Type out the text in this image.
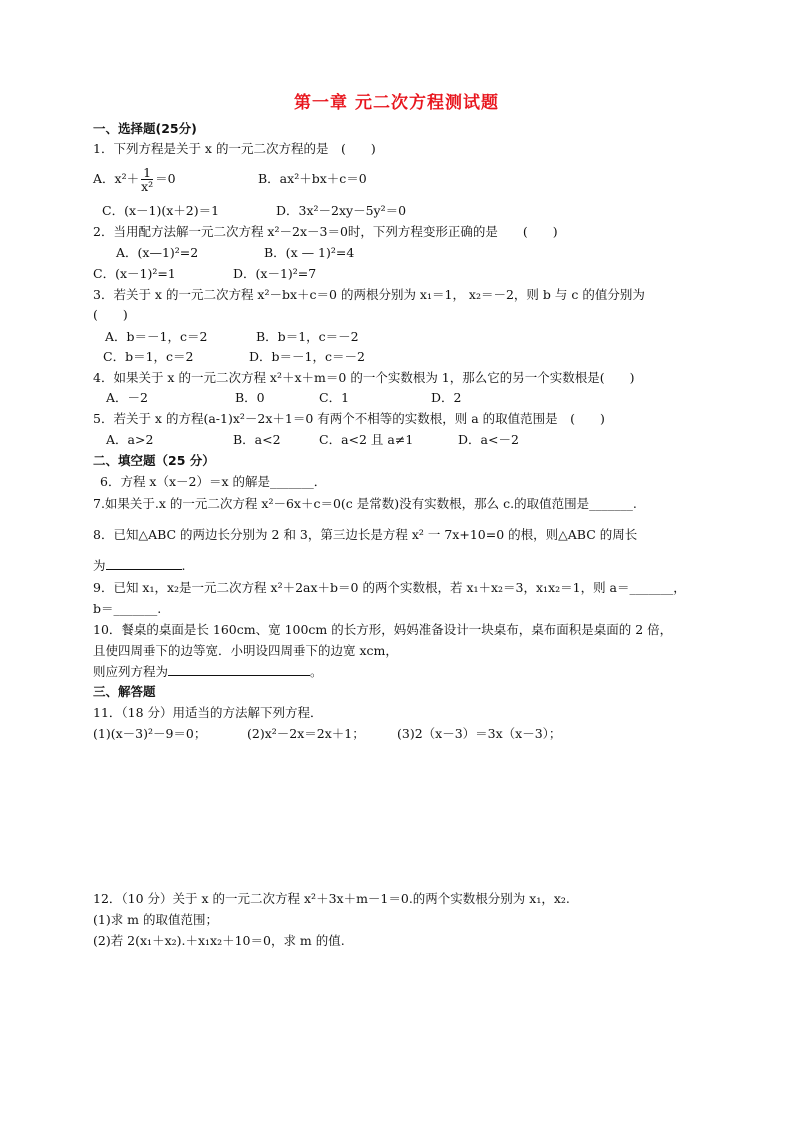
第一章 元二次方程测试题
一、选择题(25分)
1．下列方程是关于 x 的一元二次方程的是　(　　)
A．$x^2+ \frac{1}{\text{x²}} =0$	B．ax²＋bx＋c＝0
C．(x－1)(x＋2)＝1	D．3x²－2xy－5y²＝0
2．当用配方法解一元二次方程 x²－2x－3＝0时，下列方程变形正确的是　　(　　)
A．(x—1)²=2	B．(x — 1)²=4
C．(x－1)²=1	D．(x－1)²=7
3．若关于 x 的一元二次方程 x²－bx＋c＝0 的两根分别为 x₁＝1， x₂＝－2，则 b 与 c 的值分别为
(　　)
A．b＝－1，c＝2	B．b＝1，c＝－2
C．b＝1，c＝2	D．b＝－1，c＝－2
4．如果关于 x 的一元二次方程 x²＋x＋m＝0 的一个实数根为 1，那么它的另一个实数根是(　　)
A．－2	B．0	C．1	D．2
5．若关于 x 的方程(a-1)x²－2x＋1＝0 有两个不相等的实数根，则 a 的取值范围是　(　　)
A．a>2	B．a<2	C．a<2 且 a≠1	D．a<－2
二、填空题（25 分）
6．方程 x（x－2）＝x 的解是_______．
7.如果关于.x 的一元二次方程 x²－6x＋c＝0(c 是常数)没有实数根，那么 c.的取值范围是_______.
8．已知△ABC 的两边长分别为 2 和 3，第三边长是方程 x² 一 7x+10=0 的根，则△ABC 的周长
为	.
9．已知 x₁，x₂是一元二次方程 x²＋2ax＋b＝0 的两个实数根，若 x₁＋x₂＝3，x₁x₂＝1，则 a＝_______，
b＝_______.
10．餐桌的桌面是长 160cm、宽 100cm 的长方形，妈妈准备设计一块桌布，桌布面积是桌面的 2 倍，
且使四周垂下的边等宽．小明设四周垂下的边宽 xcm，
则应列方程为	。
三、解答题
11．（18 分）用适当的方法解下列方程．
(1)(x－3)²－9＝0；	(2)x²－2x＝2x＋1；	(3)2（x－3）＝3x（x－3）；
12．（10 分）关于 x 的一元二次方程 x²＋3x＋m－1＝0.的两个实数根分别为 x₁，x₂.
(1)求 m 的取值范围；
(2)若 2(x₁＋x₂).＋x₁x₂＋10＝0，求 m 的值.
